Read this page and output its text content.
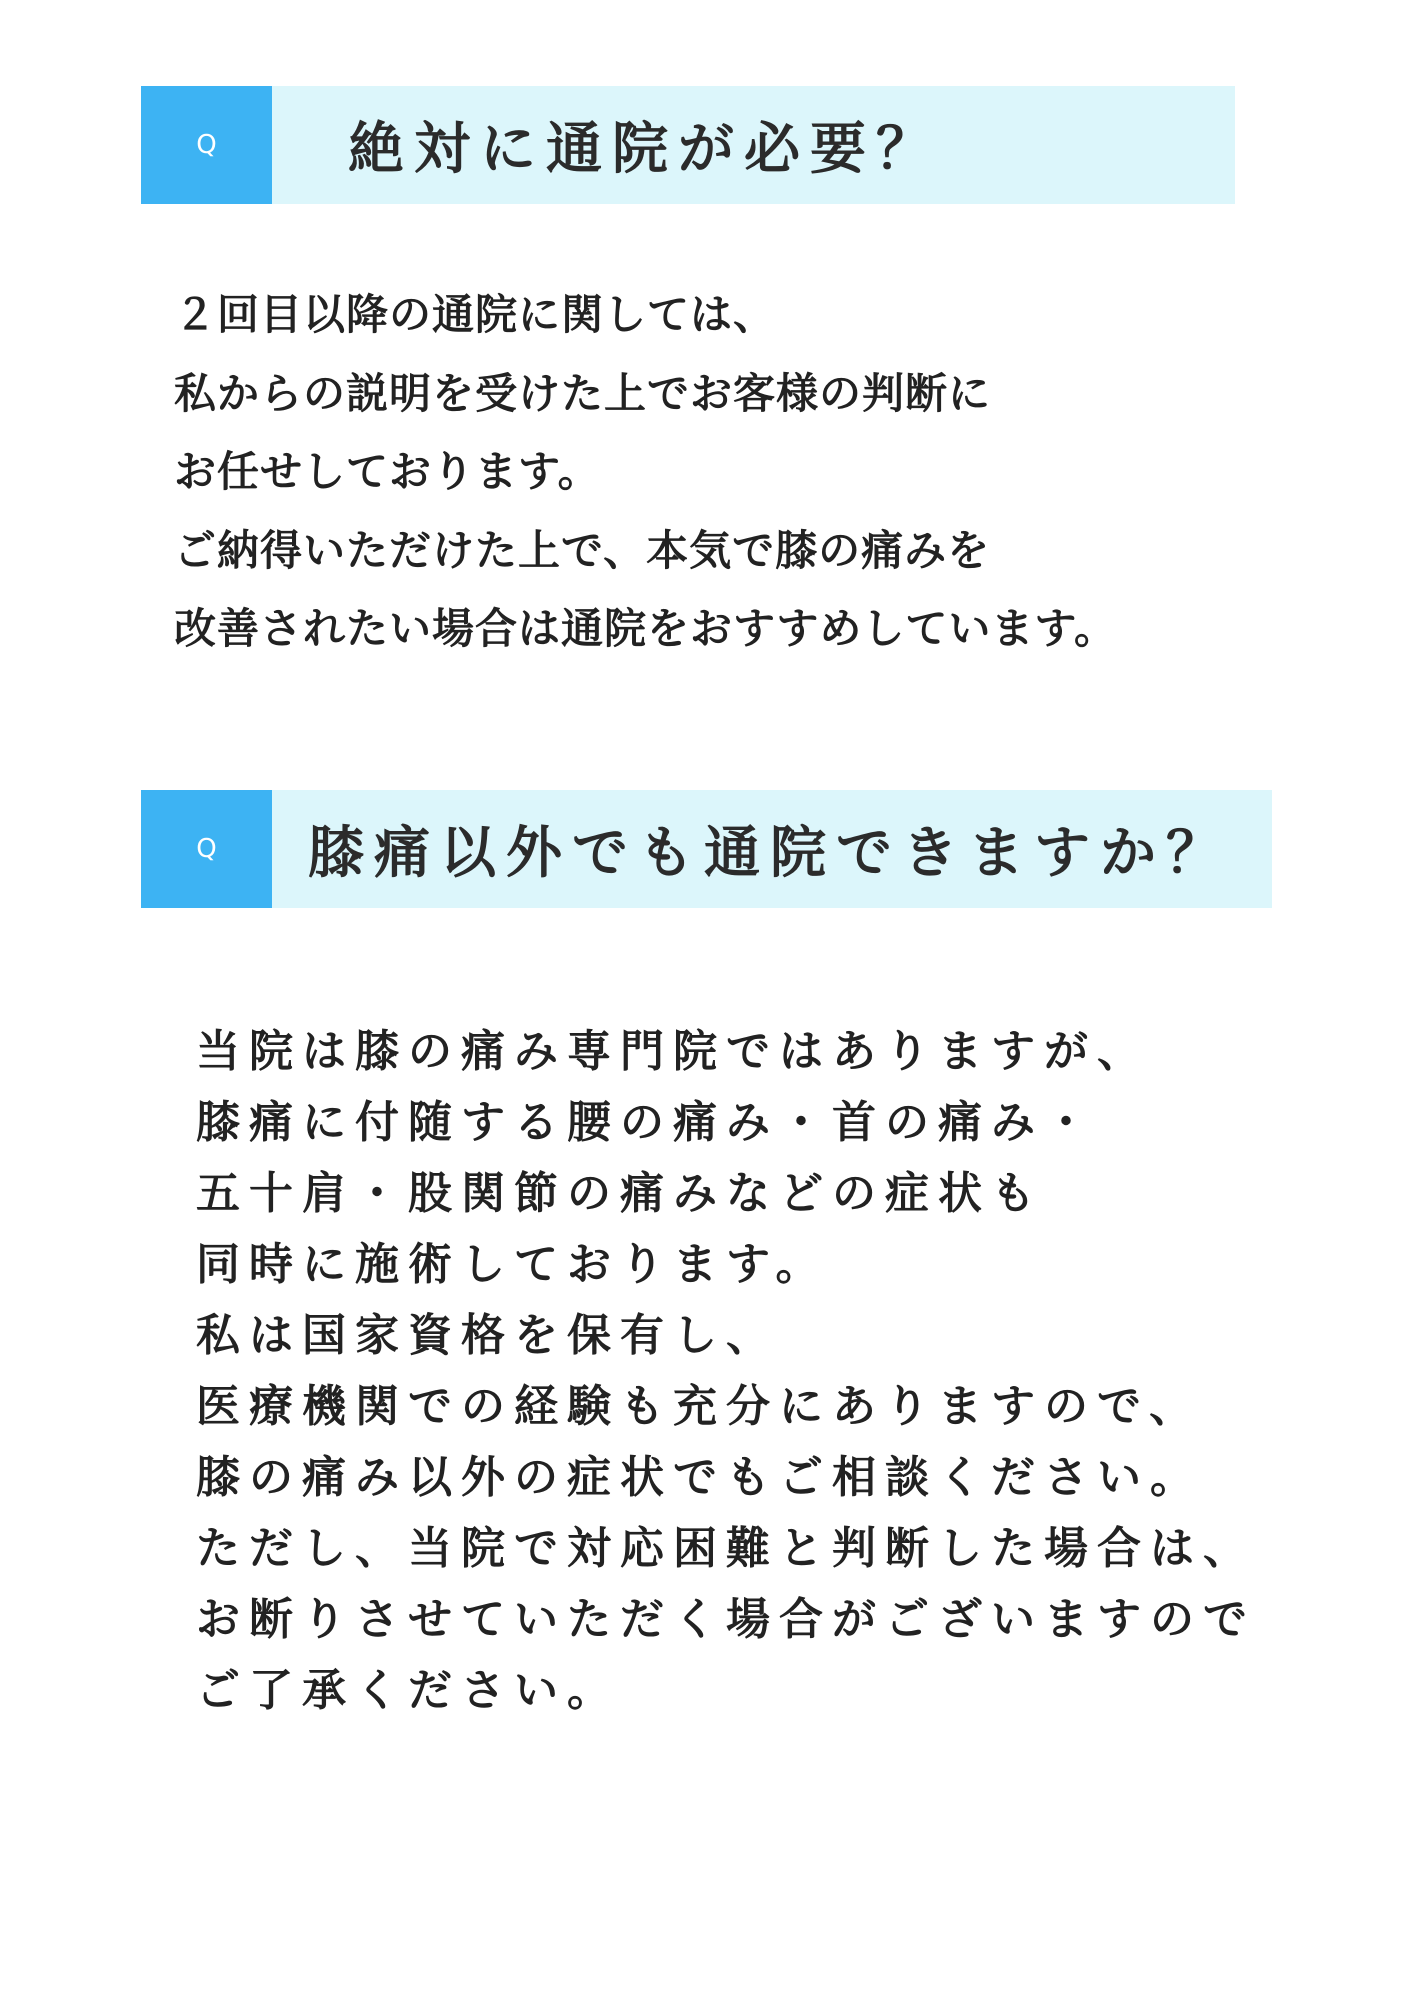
Q	絶対に通院が必要？

２回目以降の通院に関しては、

私からの説明を受けた上でお客様の判断に

お任せしております。

ご納得いただけた上で、本気で膝の痛みを

改善されたい場合は通院をおすすめしています。

Q	膝痛以外でも通院できますか？

当院は膝の痛み専門院ではありますが、

膝痛に付随する腰の痛み・首の痛み・

五十肩・股関節の痛みなどの症状も

同時に施術しております。

私は国家資格を保有し、

医療機関での経験も充分にありますので、

膝の痛み以外の症状でもご相談ください。

ただし、当院で対応困難と判断した場合は、

お断りさせていただく場合がございますので

ご了承ください。
